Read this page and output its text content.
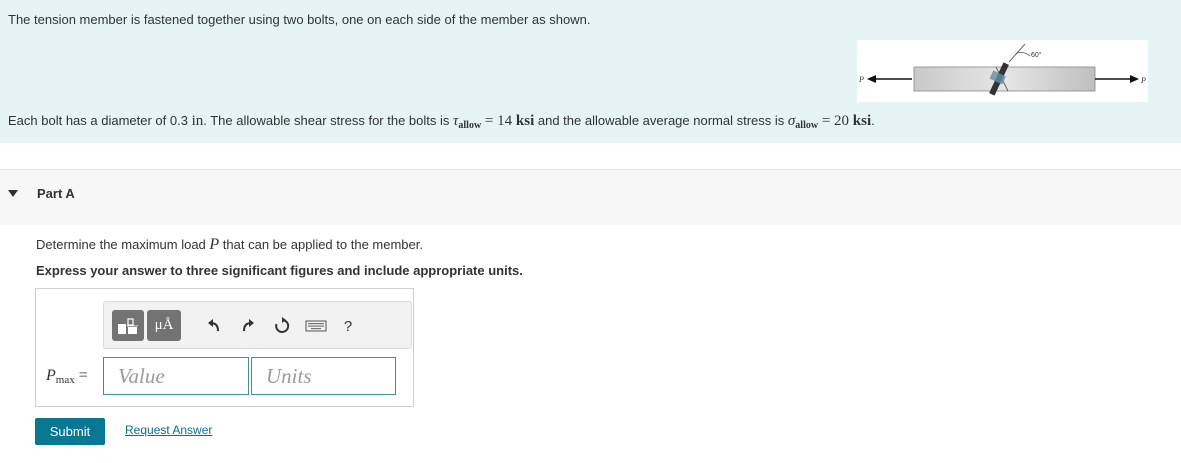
The tension member is fastened together using two bolts, one on each side of the member as shown.
P
60°
P
Each bolt has a diameter of 0.3 in. The allowable shear stress for the bolts is $\tau_{allow} = 14$ ksi and the allowable average normal stress is $\sigma_{allow} = 20$ ksi.
Part A
Determine the maximum load P that can be applied to the member.
Express your answer to three significant figures and include appropriate units.
μÅ	?
$P_{max}$ =
Value
Units
Submit	Request Answer
